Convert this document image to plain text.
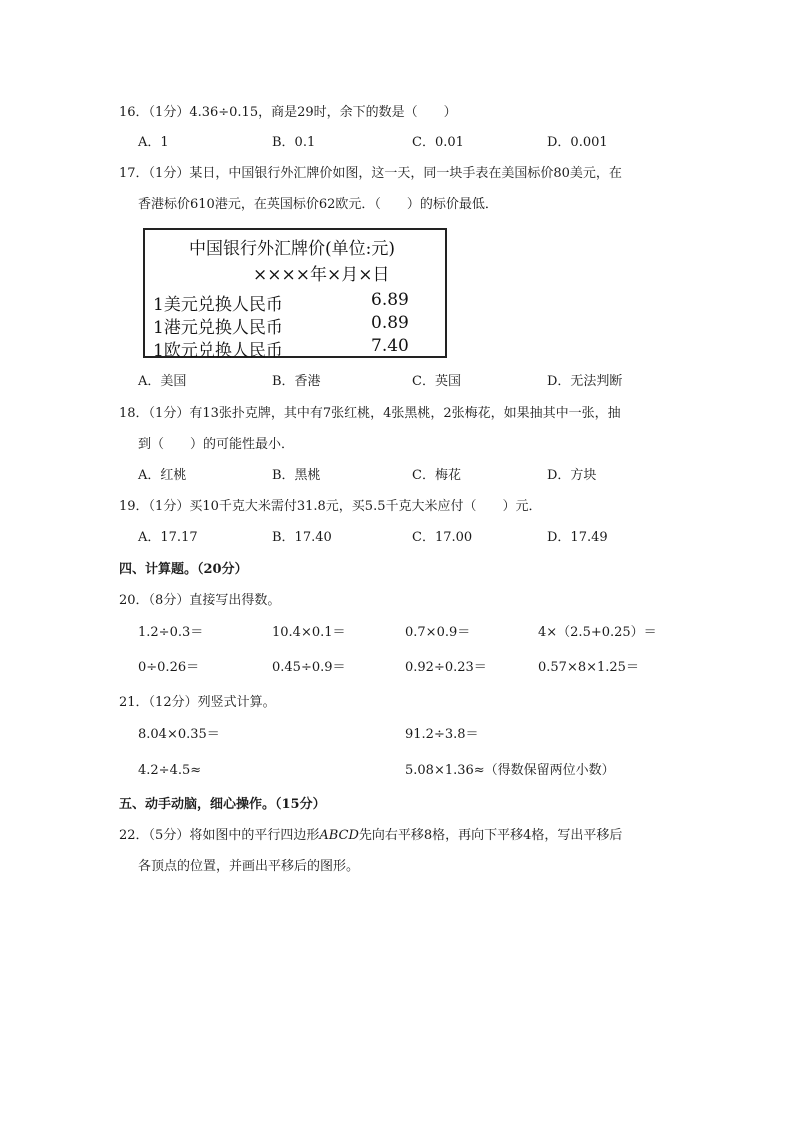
16．（1分）4.36÷0.15，商是29时，余下的数是（　　）
A．1	B．0.1	C．0.01	D．0.001
17．（1分）某日，中国银行外汇牌价如图，这一天，同一块手表在美国标价80美元，在
香港标价610港元，在英国标价62欧元．（　　）的标价最低．
中国银行外汇牌价(单位:元)
××××年×月×日
1美元兑换人民币	6.89
1港元兑换人民币	0.89
1欧元兑换人民币	7.40
A．美国	B．香港	C．英国	D．无法判断
18．（1分）有13张扑克牌，其中有7张红桃，4张黑桃，2张梅花，如果抽其中一张，抽
到（　　）的可能性最小．
A．红桃	B．黑桃	C．梅花	D．方块
19．（1分）买10千克大米需付31.8元，买5.5千克大米应付（　　）元．
A．17.17	B．17.40	C．17.00	D．17.49
四、计算题。（20分）
20．（8分）直接写出得数。
1.2÷0.3＝	10.4×0.1＝	0.7×0.9＝	4×（2.5+0.25）＝
0÷0.26＝	0.45÷0.9＝	0.92÷0.23＝	0.57×8×1.25＝
21．（12分）列竖式计算。
8.04×0.35＝	91.2÷3.8＝
4.2÷4.5≈	5.08×1.36≈（得数保留两位小数）
五、动手动脑，细心操作。（15分）
22．（5分）将如图中的平行四边形ABCD先向右平移8格，再向下平移4格，写出平移后
各顶点的位置，并画出平移后的图形。
